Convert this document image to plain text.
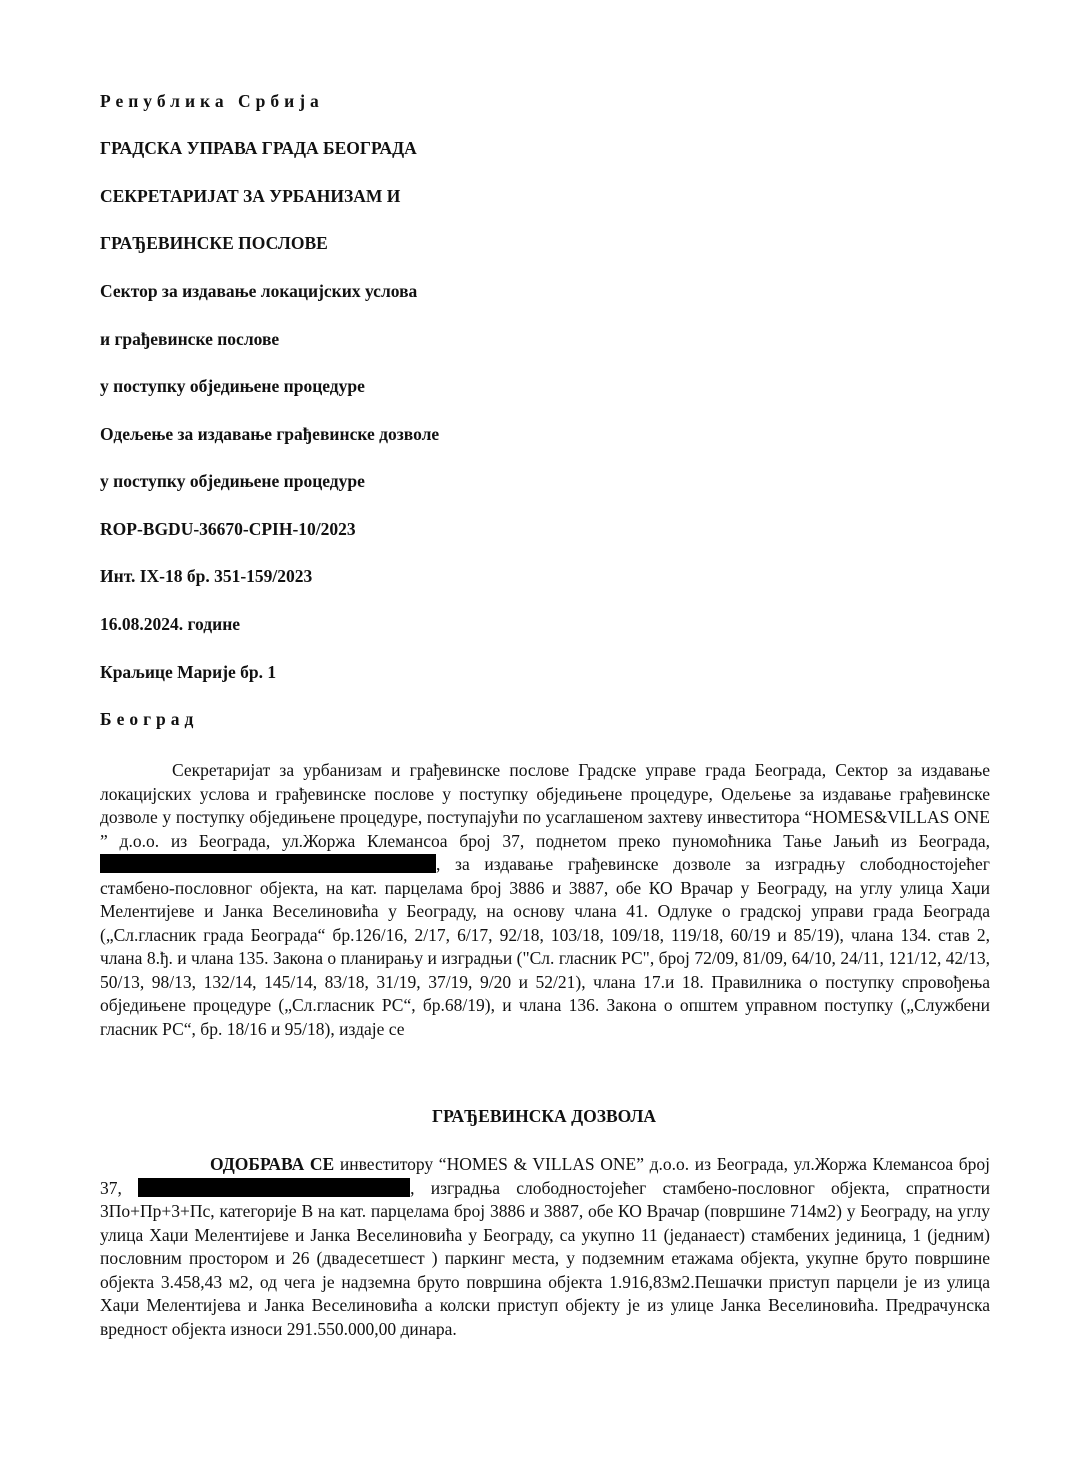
Република Србија
ГРАДСКА УПРАВА ГРАДА БЕОГРАДА
СЕКРЕТАРИЈАТ ЗА УРБАНИЗАМ И
ГРАЂЕВИНСКЕ ПОСЛОВЕ
Сектор за издавање локацијских услова
и грађевинске послове
у поступку обједињене процедуре
Одељење за издавање грађевинске дозволе
у поступку обједињене процедуре
ROP-BGDU-36670-CPIH-10/2023
Инт. IX-18 бр. 351-159/2023
16.08.2024. године
Краљице Марије бр. 1
Београд
Секретаријат за урбанизам и грађевинске послове Градске управе града Београда, Сектор за издавање локацијских услова и грађевинске послове у поступку обједињене процедуре, Одељење за издавање грађевинске дозволе у поступку обједињене процедуре, поступајући по усаглашеном захтеву инвеститора “HOMES&VILLAS ONE ” д.о.о. из Београда, ул.Жоржа Клемансоа број 37, поднетом преко пуномоћника Тање Јањић из Београда, , за издавање грађевинске дозволе за изградњу слободностојећег стамбено-пословног објекта, на кат. парцелама број 3886 и 3887, обе КО Врачар у Београду, на углу улица Хаџи Мелентијеве и Јанка Веселиновића у Београду, на основу члана 41. Одлуке о градској управи града Београда („Сл.гласник града Београда“ бр.126/16, 2/17, 6/17, 92/18, 103/18, 109/18, 119/18, 60/19 и 85/19), члана 134. став 2, члана 8.ђ. и члана 135. Закона о планирању и изградњи ("Сл. гласник РС", број 72/09, 81/09, 64/10, 24/11, 121/12, 42/13, 50/13, 98/13, 132/14, 145/14, 83/18, 31/19, 37/19, 9/20 и 52/21), члана 17.и 18. Правилника о поступку спровођења обједињене процедуре („Сл.гласник РС“, бр.68/19), и члана 136. Закона о општем управном поступку („Службени гласник РС“, бр. 18/16 и 95/18), издаје се
ГРАЂЕВИНСКА ДОЗВОЛА
ОДОБРАВА СЕ инвеститору “HOMES & VILLAS ONE” д.о.о. из Београда, ул.Жоржа Клемансоа број 37,	, изградња слободностојећег стамбено-пословног објекта, спратности 3По+Пр+3+Пс, категорије В на кат. парцелама број 3886 и 3887, обе КО Врачар (површине 714м2) у Београду, на углу улица Хаџи Мелентијеве и Јанка Веселиновића у Београду, са укупно 11 (једанаест) стамбених јединица, 1 (једним) пословним простором и 26 (двадесетшест ) паркинг места, у подземним етажама објекта, укупне бруто површине објекта 3.458,43 м2, од чега је надземна бруто површина објекта 1.916,83м2.Пешачки приступ парцели је из улица Хаџи Мелентијева и Јанка Веселиновића а колски приступ објекту је из улице Јанка Веселиновића. Предрачунска вредност објекта износи 291.550.000,00 динара.
